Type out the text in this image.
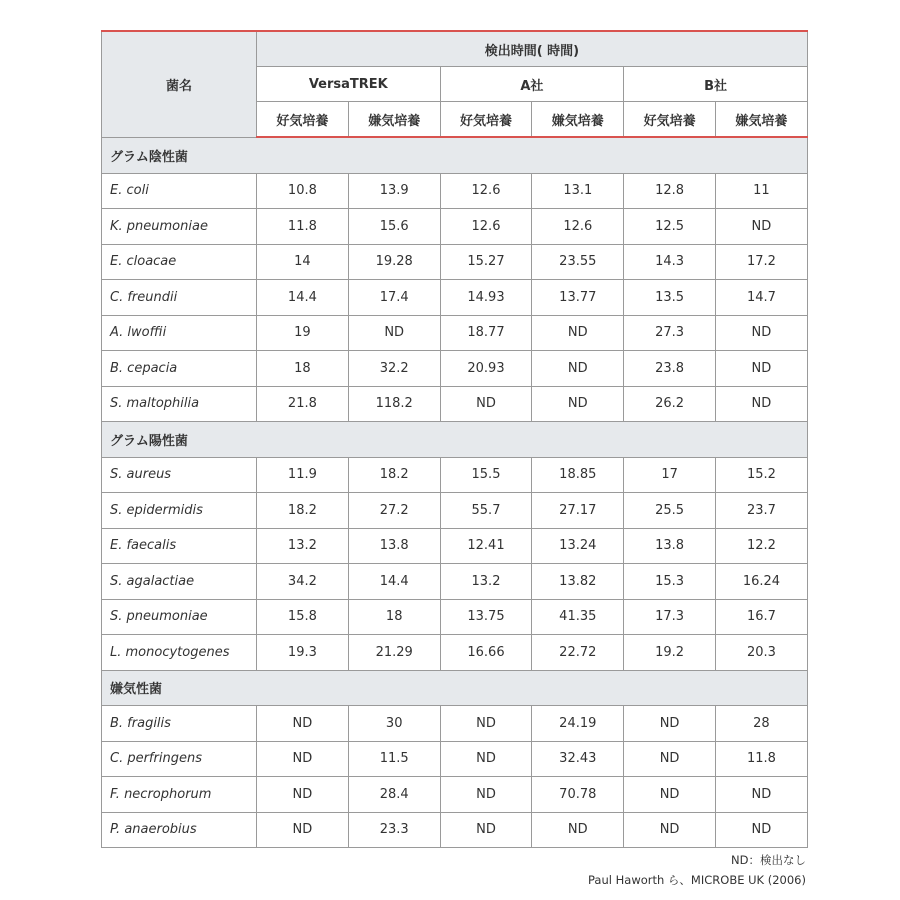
菌名	検出時間( 時間)					
	VersaTREK		A社		B社	
	好気培養	嫌気培養	好気培養	嫌気培養	好気培養	嫌気培養
グラム陰性菌						
E. coli	10.8	13.9	12.6	13.1	12.8	11
K. pneumoniae	11.8	15.6	12.6	12.6	12.5	ND
E. cloacae	14	19.28	15.27	23.55	14.3	17.2
C. freundii	14.4	17.4	14.93	13.77	13.5	14.7
A. lwoffii	19	ND	18.77	ND	27.3	ND
B. cepacia	18	32.2	20.93	ND	23.8	ND
S. maltophilia	21.8	118.2	ND	ND	26.2	ND
グラム陽性菌						
S. aureus	11.9	18.2	15.5	18.85	17	15.2
S. epidermidis	18.2	27.2	55.7	27.17	25.5	23.7
E. faecalis	13.2	13.8	12.41	13.24	13.8	12.2
S. agalactiae	34.2	14.4	13.2	13.82	15.3	16.24
S. pneumoniae	15.8	18	13.75	41.35	17.3	16.7
L. monocytogenes	19.3	21.29	16.66	22.72	19.2	20.3
嫌気性菌						
B. fragilis	ND	30	ND	24.19	ND	28
C. perfringens	ND	11.5	ND	32.43	ND	11.8
F. necrophorum	ND	28.4	ND	70.78	ND	ND
P. anaerobius	ND	23.3	ND	ND	ND	ND
ND：検出なし
Paul Haworth ら、MICROBE UK (2006)
